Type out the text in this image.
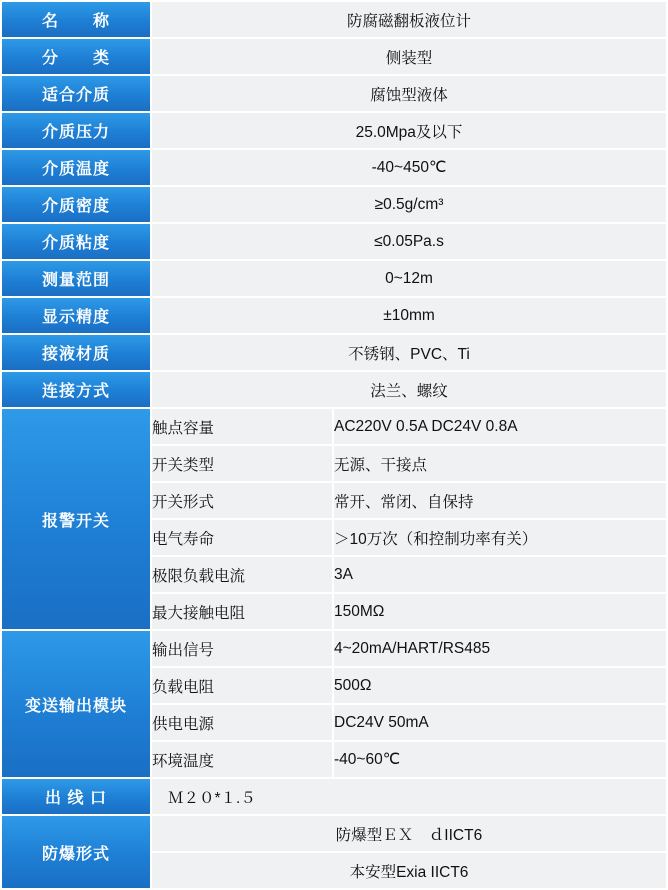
名　　称	防腐磁翻板液位计	
分　　类	侧装型	
适合介质	腐蚀型液体	
介质压力	25.0Mpa及以下	
介质温度	-40~450℃	
介质密度	≥0.5g/cm³	
介质粘度	≤0.05Pa.s	
测量范围	0~12m	
显示精度	±10mm	
接液材质	不锈钢、PVC、Ti	
连接方式	法兰、螺纹	
报警开关	触点容量	AC220V 0.5A DC24V 0.8A
	开关类型	无源、干接点
	开关形式	常开、常闭、自保持
	电气寿命	＞10万次（和控制功率有关）
	极限负载电流	3A
	最大接触电阻	150MΩ
变送输出模块	输出信号	4~20mA/HART/RS485
	负载电阻	500Ω
	供电电源	DC24V 50mA
	环境温度	-40~60℃
出 线 口	Ｍ２０*１.５	
防爆形式	防爆型ＥＸ　ｄIICT6	
	本安型Exia IICT6	
